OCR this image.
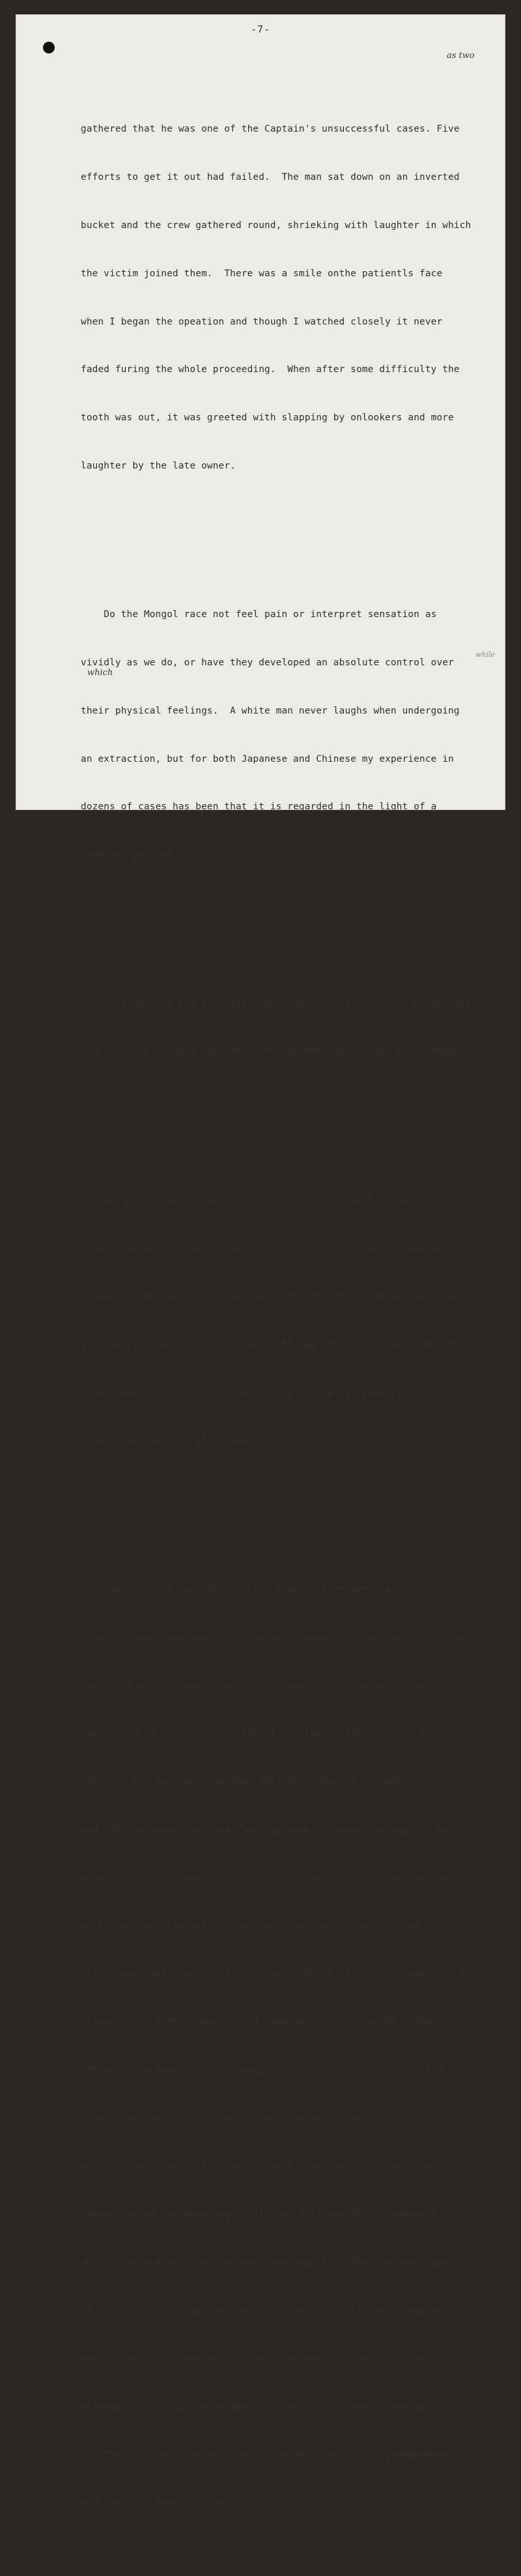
-7-
as two
which
while

gathered that he was one of the Captain's unsuccessful cases. Five

efforts to get it out had failed.  The man sat down on an inverted

bucket and the crew gathered round, shrieking with laughter in which

the victim joined them.  There was a smile onthe patientls face

when I began the opeation and though I watched closely it never

faded furing the whole proceeding.  When after some difficulty the

tooth was out, it was greeted with slapping by onlookers and more

laughter by the late owner.

Do the Mongol race not feel pain or interpret sensation as

vividly as we do, or have they developed an absolute control over

their physical feelings.  A white man never laughs when undergoing

an extraction, but for both Japanese and Chinese my experience in

dozens of cases has been that it is regarded in the light of a

humorous proceeding.

An excellent cup of coffee, more laughter at anything or nothing,

and the ship slipped away into the darkness up channel to Liverpool.

Following close behind her came a strange craft, a skeleton of

angular pipes and trellissed iron work, outlined against the black

clouds of the stormy sky.  In complete darkness, save for her red and

green navigation lights, she moved through the seas like a deserted

steel works gone to sea.  She was one of the oil tankers from

Tampico in the Gulf of Mexico.

Year in, year out these ships travel three weeks across the

Atlantic and three weeks back without seeing land and with only two

days stop between each trip.  At Tampico the oil pipe is brought

out to sea on pontoons, and except for the captain, no one goes

ashore.  At Liverpool two days only are required to empty the tanks

and take on provisions and then six weeks of open sea again.  No

wonder that the captains will only take as steersmen individuals

of sub-normal intellect, as no man with any imagination can stand the

life - week after week and month after month, keeping a needle on a

fixed point of the compass card, and nothing else to do.  The

officers, condemned to this monastic life, live for the limited

hobbies allowed them by their steel and water limitations.  Some do

wood carving, others knitting or fine embroidery and needlework.

Carpet making, handweaving, tailoring all have their exponents,

whilst the endless time renders them experts.  The constant reek

of heavy oil is a reminder that no smoking is allowed on board.

Once a year, the captain only may take his wife for one trip.

Otherwise, in complete celibacy and monotony, these crews wait

for the day when wireless control renders their ship independant

and they are free to live.
